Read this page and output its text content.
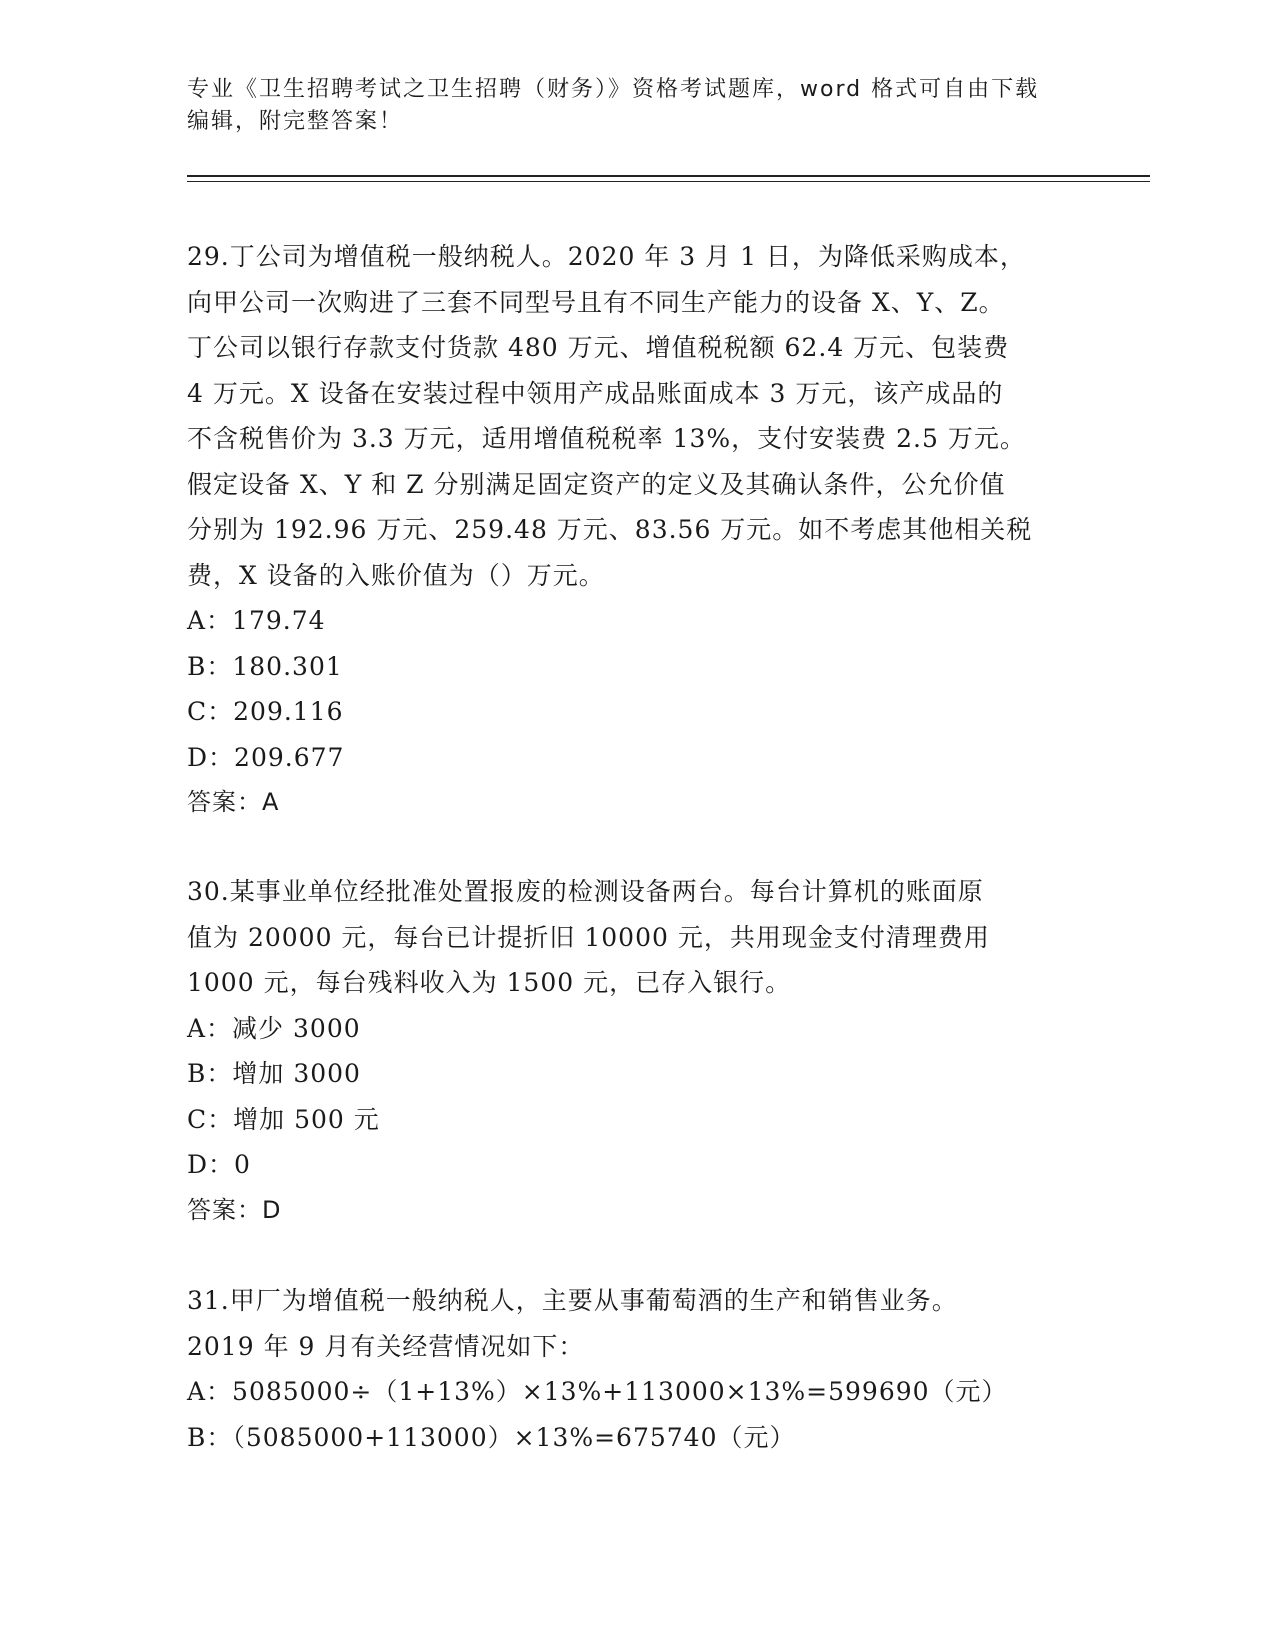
专业《卫生招聘考试之卫生招聘（财务）》资格考试题库，word 格式可自由下载
编辑，附完整答案！
29.丁公司为增值税一般纳税人。2020 年 3 月 1 日，为降低采购成本，
向甲公司一次购进了三套不同型号且有不同生产能力的设备 X、Y、Z。
丁公司以银行存款支付货款 480 万元、增值税税额 62.4 万元、包装费
4 万元。X 设备在安装过程中领用产成品账面成本 3 万元，该产成品的
不含税售价为 3.3 万元，适用增值税税率 13%，支付安装费 2.5 万元。
假定设备 X、Y 和 Z 分别满足固定资产的定义及其确认条件，公允价值
分别为 192.96 万元、259.48 万元、83.56 万元。如不考虑其他相关税
费，X 设备的入账价值为（）万元。
A：179.74
B：180.301
C：209.116
D：209.677
答案：A
30.某事业单位经批准处置报废的检测设备两台。每台计算机的账面原
值为 20000 元，每台已计提折旧 10000 元，共用现金支付清理费用
1000 元，每台残料收入为 1500 元，已存入银行。
A：减少 3000
B：增加 3000
C：增加 500 元
D：0
答案：D
31.甲厂为增值税一般纳税人，主要从事葡萄酒的生产和销售业务。
2019 年 9 月有关经营情况如下：
A：5085000÷（1+13%）×13%+113000×13%=599690（元）
B：（5085000+113000）×13%=675740（元）
